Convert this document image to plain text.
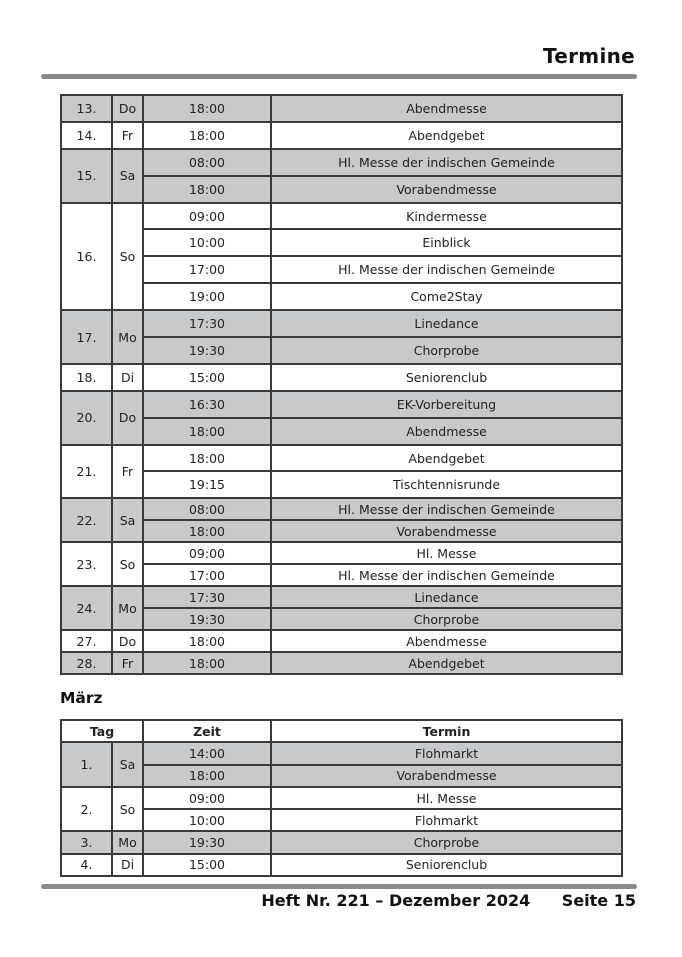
Termine
13.	Do	18:00	Abendmesse
14.	Fr	18:00	Abendgebet
15.	Sa	08:00	Hl. Messe der indischen Gemeinde
		18:00	Vorabendmesse
16.	So	09:00	Kindermesse
		10:00	Einblick
		17:00	Hl. Messe der indischen Gemeinde
		19:00	Come2Stay
17.	Mo	17:30	Linedance
		19:30	Chorprobe
18.	Di	15:00	Seniorenclub
20.	Do	16:30	EK-Vorbereitung
		18:00	Abendmesse
21.	Fr	18:00	Abendgebet
		19:15	Tischtennisrunde
22.	Sa	08:00	Hl. Messe der indischen Gemeinde
		18:00	Vorabendmesse
23.	So	09:00	Hl. Messe
		17:00	Hl. Messe der indischen Gemeinde
24.	Mo	17:30	Linedance
		19:30	Chorprobe
27.	Do	18:00	Abendmesse
28.	Fr	18:00	Abendgebet
März
Tag		Zeit	Termin
1.	Sa	14:00	Flohmarkt
		18:00	Vorabendmesse
2.	So	09:00	Hl. Messe
		10:00	Flohmarkt
3.	Mo	19:30	Chorprobe
4.	Di	15:00	Seniorenclub
Heft Nr. 221 – Dezember 2024 Seite 15
